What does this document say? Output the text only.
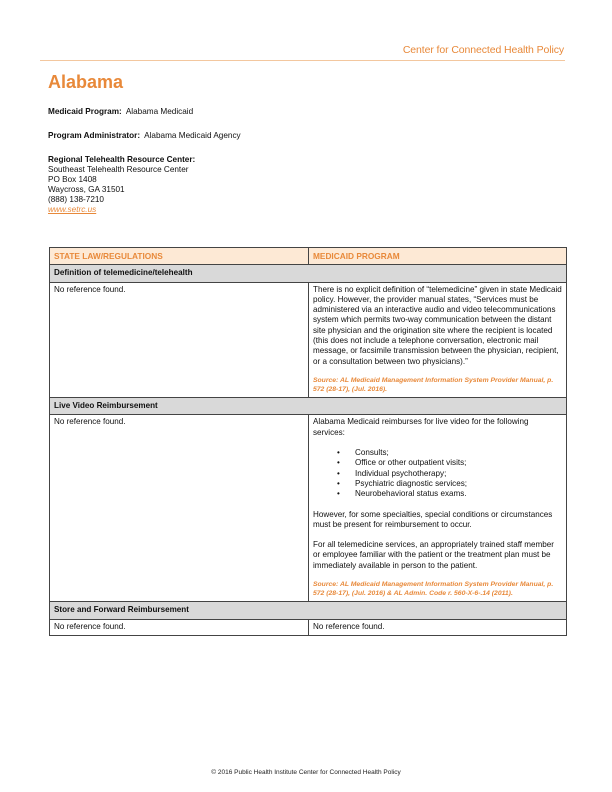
Center for Connected Health Policy
Alabama
Medicaid Program: Alabama Medicaid
Program Administrator: Alabama Medicaid Agency
Regional Telehealth Resource Center:
Southeast Telehealth Resource Center
PO Box 1408
Waycross, GA 31501
(888) 138-7210
www.setrc.us
STATE LAW/REGULATIONS	MEDICAID PROGRAM
Definition of telemedicine/telehealth	
No reference found.	There is no explicit definition of “telemedicine” given in state Medicaid policy. However, the provider manual states, “Services must be administered via an interactive audio and video telecommunications system which permits two-way communication between the distant site physician and the origination site where the recipient is located (this does not include a telephone conversation, electronic mail message, or facsimile transmission between the physician, recipient, or a consultation between two physicians).”

Source: AL Medicaid Management Information System Provider Manual, p. 572 (28-17), (Jul. 2016).

Live Video Reimbursement	
No reference found.	Alabama Medicaid reimburses for live video for the following services:

• Consults;
• Office or other outpatient visits;
• Individual psychotherapy;
• Psychiatric diagnostic services;
• Neurobehavioral status exams.

However, for some specialties, special conditions or circumstances must be present for reimbursement to occur.

For all telemedicine services, an appropriately trained staff member or employee familiar with the patient or the treatment plan must be immediately available in person to the patient.

Source: AL Medicaid Management Information System Provider Manual, p. 572 (28-17), (Jul. 2016) & AL Admin. Code r. 560-X-6-.14 (2011).

Store and Forward Reimbursement	
No reference found.	No reference found.
© 2016 Public Health Institute Center for Connected Health Policy
